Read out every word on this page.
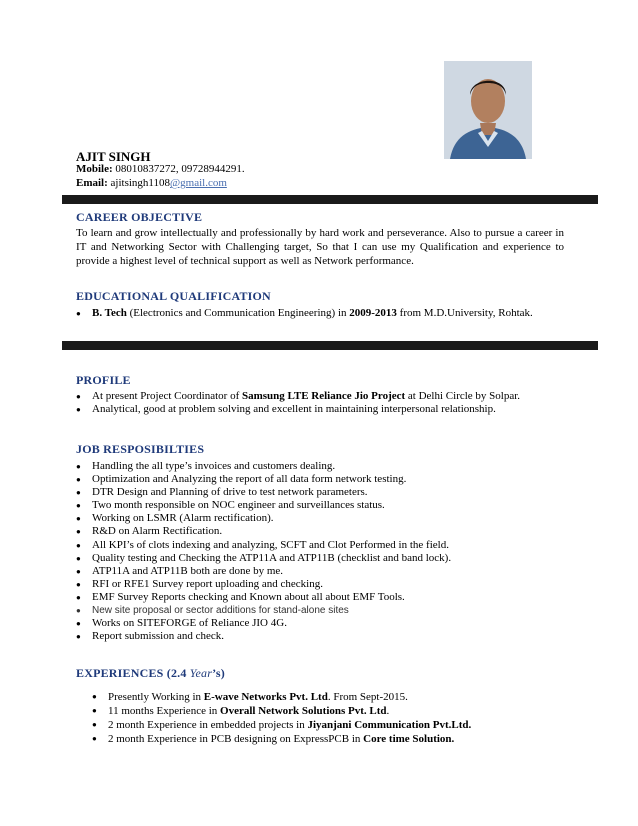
AJIT SINGH
Mobile: 08010837272, 09728944291.
Email: ajitsingh1108@gmail.com
CAREER OBJECTIVE
To learn and grow intellectually and professionally by hard work and perseverance. Also to pursue a career in IT and Networking Sector with Challenging target, So that I can use my Qualification and experience to provide a highest level of technical support as well as Network performance.
EDUCATIONAL QUALIFICATION
● B. Tech (Electronics and Communication Engineering) in 2009-2013 from M.D.University, Rohtak.
PROFILE
● At present Project Coordinator of Samsung LTE Reliance Jio Project at Delhi Circle by Solpar.
● Analytical, good at problem solving and excellent in maintaining interpersonal relationship.
JOB RESPOSIBILTIES
● Handling the all type’s invoices and customers dealing.
● Optimization and Analyzing the report of all data form network testing.
● DTR Design and Planning of drive to test network parameters.
● Two month responsible on NOC engineer and surveillances status.
● Working on LSMR (Alarm rectification).
● R&D on Alarm Rectification.
● All KPI’s of clots indexing and analyzing, SCFT and Clot Performed in the field.
● Quality testing and Checking the ATP11A and ATP11B (checklist and band lock).
● ATP11A and ATP11B both are done by me.
● RFI or RFE1 Survey report uploading and checking.
● EMF Survey Reports checking and Known about all about EMF Tools.
● New site proposal or sector additions for stand-alone sites
● Works on SITEFORGE of Reliance JIO 4G.
● Report submission and check.
EXPERIENCES (2.4 Year’s)
● Presently Working in E-wave Networks Pvt. Ltd. From Sept-2015.
● 11 months Experience in Overall Network Solutions Pvt. Ltd.
● 2 month Experience in embedded projects in Jiyanjani Communication Pvt.Ltd.
● 2 month Experience in PCB designing on ExpressPCB in Core time Solution.
